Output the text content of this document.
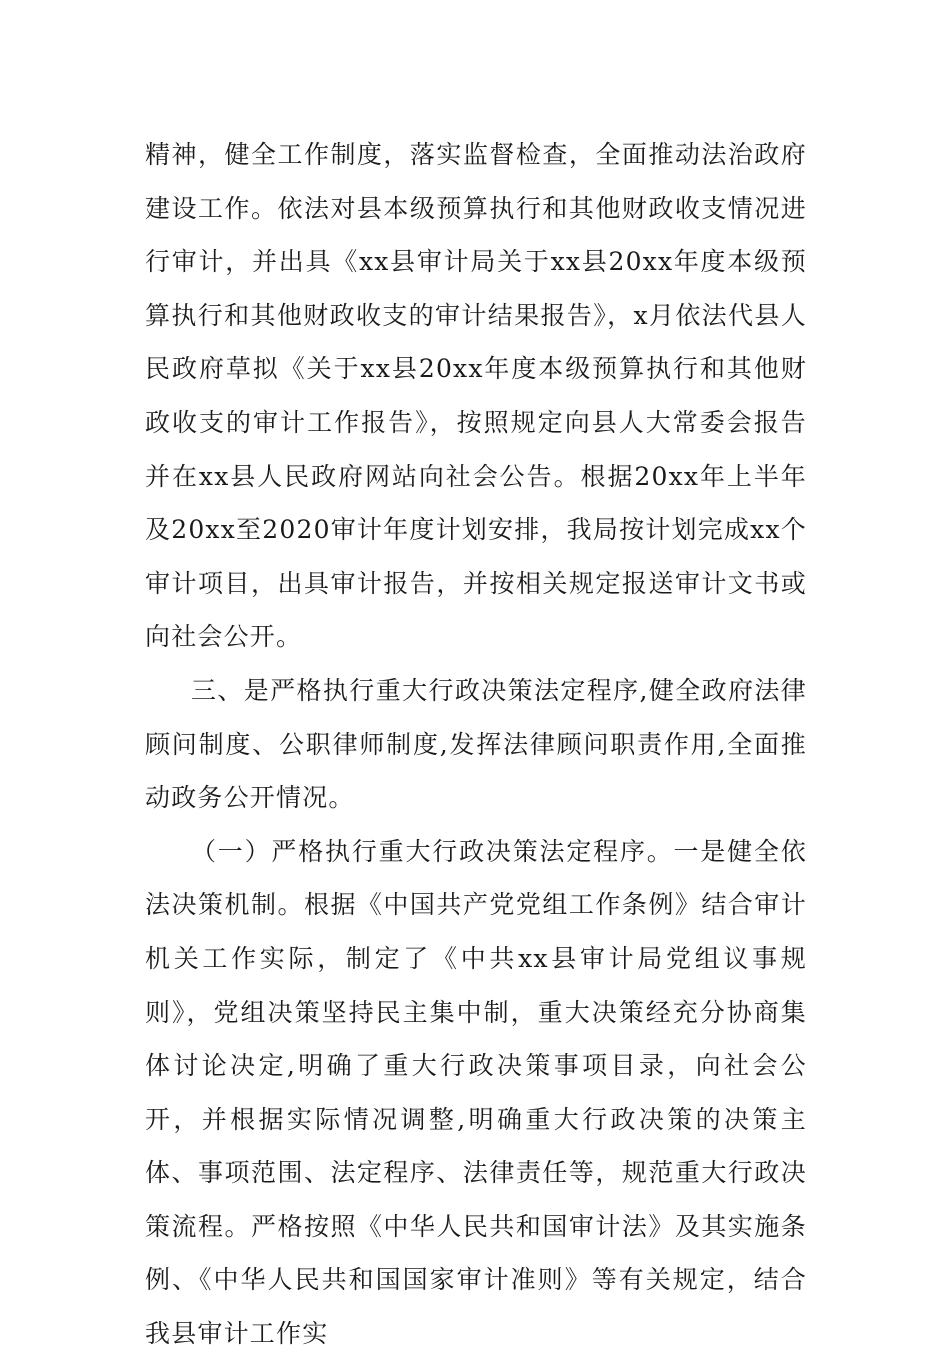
精神，健全工作制度，落实监督检查，全面推动法治政府建设工作。依法对县本级预算执行和其他财政收支情况进行审计，并出具《xx县审计局关于xx县20xx年度本级预算执行和其他财政收支的审计结果报告》，x月依法代县人民政府草拟《关于xx县20xx年度本级预算执行和其他财政收支的审计工作报告》，按照规定向县人大常委会报告并在xx县人民政府网站向社会公告。根据20xx年上半年及20xx至2020审计年度计划安排，我局按计划完成xx个审计项目，出具审计报告，并按相关规定报送审计文书或向社会公开。

三、是严格执行重大行政决策法定程序,健全政府法律顾问制度、公职律师制度,发挥法律顾问职责作用,全面推动政务公开情况。

（一）严格执行重大行政决策法定程序。一是健全依法决策机制。根据《中国共产党党组工作条例》结合审计机关工作实际，制定了《中共xx县审计局党组议事规则》，党组决策坚持民主集中制，重大决策经充分协商集体讨论决定,明确了重大行政决策事项目录，向社会公开，并根据实际情况调整,明确重大行政决策的决策主体、事项范围、法定程序、法律责任等，规范重大行政决策流程。严格按照《中华人民共和国审计法》及其实施条例、《中华人民共和国国家审计准则》等有关规定，结合我县审计工作实
